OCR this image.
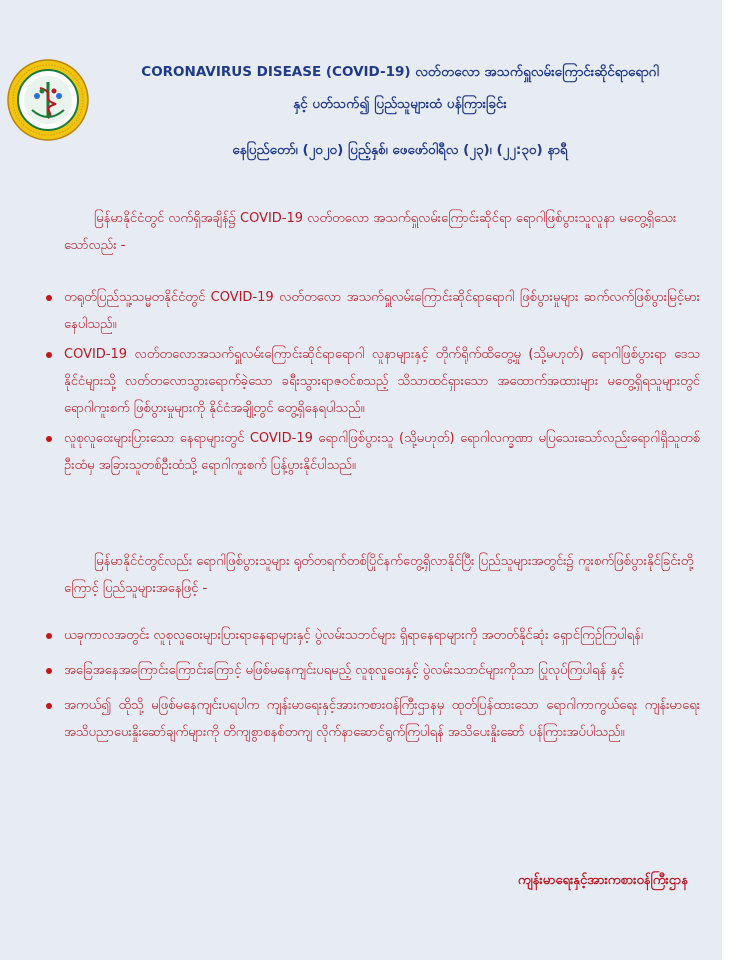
CORONAVIRUS DISEASE (COVID-19) လတ်တလော အသက်ရှူလမ်းကြောင်းဆိုင်ရာရောဂါ
နှင့် ပတ်သက်၍ ပြည်သူများထံ ပန်ကြားခြင်း
နေပြည်တော်၊ (၂၀၂၀) ပြည့်နှစ်၊ ဖေဖော်ဝါရီလ (၂၃)၊ (၂၂:၃၀) နာရီ
မြန်မာနိုင်ငံတွင် လက်ရှိအချိန်၌ COVID-19 လတ်တလော အသက်ရှူလမ်းကြောင်းဆိုင်ရာ ရောဂါဖြစ်ပွားသူလူနာ မတွေ့ရှိသေးသော်လည်း -
တရုတ်ပြည်သူ့သမ္မတနိုင်ငံတွင် COVID-19 လတ်တလော အသက်ရှူလမ်းကြောင်းဆိုင်ရာရောဂါ ဖြစ်ပွားမှုများ ဆက်လက်ဖြစ်ပွားမြင့်မားနေပါသည်။
COVID-19 လတ်တလောအသက်ရှူလမ်းကြောင်းဆိုင်ရာရောဂါ လူနာများနှင့် တိုက်ရိုက်ထိတွေ့မှု (သို့မဟုတ်) ရောဂါဖြစ်ပွားရာ ဒေသနိုင်ငံများသို့ လတ်တလောသွားရောက်ခဲ့သော ခရီးသွားရာဇဝင်စသည့် သိသာထင်ရှားသော အထောက်အထားများ မတွေ့ရှိရသူများတွင် ရောဂါကူးစက် ဖြစ်ပွားမှုများကို နိုင်ငံအချို့တွင် တွေ့ရှိနေရပါသည်။
လူစုလူဝေးများပြားသော နေရာများတွင် COVID-19 ရောဂါဖြစ်ပွားသူ (သို့မဟုတ်) ရောဂါလက္ခဏာ မပြသေးသော်လည်းရောဂါရှိသူတစ်ဦးထံမှ အခြားသူတစ်ဦးထံသို့ ရောဂါကူးစက် ပြန့်ပွားနိုင်ပါသည်။
မြန်မာနိုင်ငံတွင်လည်း ရောဂါဖြစ်ပွားသူများ ရုတ်တရက်တစ်ပြိုင်နက်တွေ့ရှိလာနိုင်ပြီး ပြည်သူများအတွင်း၌ ကူးစက်ဖြစ်ပွားနိုင်ခြင်းတို့ကြောင့် ပြည်သူများအနေဖြင့် -
ယခုကာလအတွင်း လူစုလူဝေးများပြားရာနေရာများနှင့် ပွဲလမ်းသဘင်များ ရှိရာနေရာများကို အတတ်နိုင်ဆုံး ရှောင်ကြဉ်ကြပါရန်၊
အခြေအနေအကြောင်းကြောင်းကြောင့် မဖြစ်မနေကျင်းပရမည့် လူစုလူဝေးနှင့် ပွဲလမ်းသဘင်များကိုသာ ပြုလုပ်ကြပါရန် နှင့်
အကယ်၍ ထိုသို့ မဖြစ်မနေကျင်းပရပါက ကျန်းမာရေးနှင့်အားကစားဝန်ကြီးဌာနမှ ထုတ်ပြန်ထားသော ရောဂါကာကွယ်ရေး ကျန်းမာရေးအသိပညာပေးနှိုးဆော်ချက်များကို တိကျစွာစနစ်တကျ လိုက်နာဆောင်ရွက်ကြပါရန် အသိပေးနှိုးဆော် ပန်ကြားအပ်ပါသည်။
ကျန်းမာရေးနှင့်အားကစားဝန်ကြီးဌာန
